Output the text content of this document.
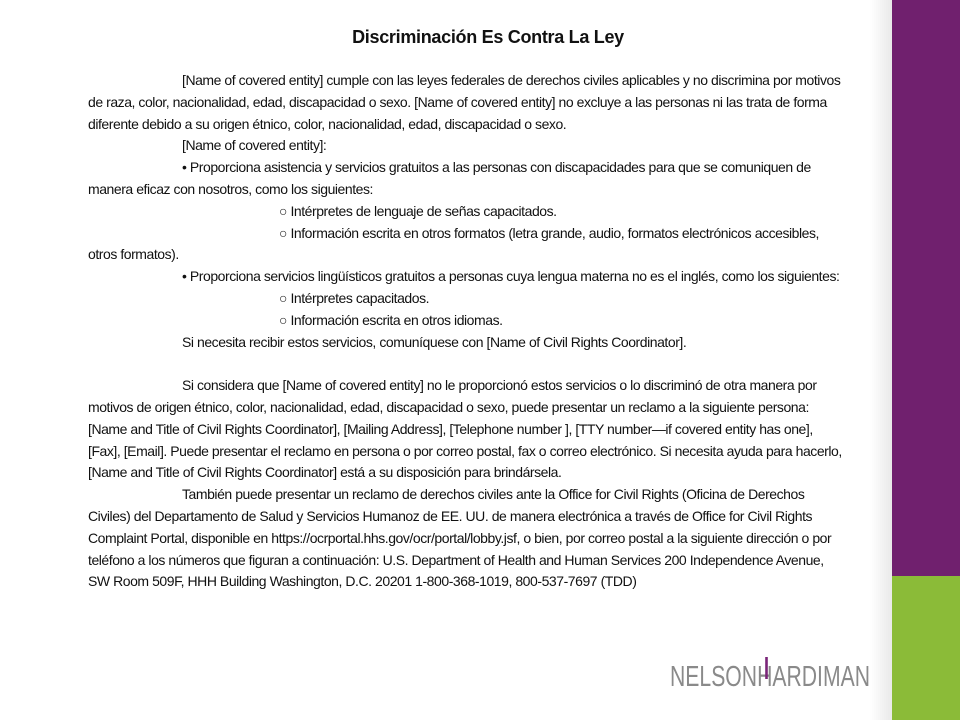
Discriminación Es Contra La Ley

[Name of covered entity] cumple con las leyes federales de derechos civiles aplicables y no discrimina por motivos de raza, color, nacionalidad, edad, discapacidad o sexo. [Name of covered entity] no excluye a las personas ni las trata de forma diferente debido a su origen étnico, color, nacionalidad, edad, discapacidad o sexo.

[Name of covered entity]:

• Proporciona asistencia y servicios gratuitos a las personas con discapacidades para que se comuniquen de manera eficaz con nosotros, como los siguientes:

○ Intérpretes de lenguaje de señas capacitados.

○ Información escrita en otros formatos (letra grande, audio, formatos electrónicos accesibles, otros formatos).

• Proporciona servicios lingüísticos gratuitos a personas cuya lengua materna no es el inglés, como los siguientes:

○ Intérpretes capacitados.

○ Información escrita en otros idiomas.

Si necesita recibir estos servicios, comuníquese con [Name of Civil Rights Coordinator].

Si considera que [Name of covered entity] no le proporcionó estos servicios o lo discriminó de otra manera por motivos de origen étnico, color, nacionalidad, edad, discapacidad o sexo, puede presentar un reclamo a la siguiente persona: [Name and Title of Civil Rights Coordinator], [Mailing Address], [Telephone number ], [TTY number—if covered entity has one], [Fax], [Email]. Puede presentar el reclamo en persona o por correo postal, fax o correo electrónico. Si necesita ayuda para hacerlo, [Name and Title of Civil Rights Coordinator] está a su disposición para brindársela.

También puede presentar un reclamo de derechos civiles ante la Office for Civil Rights (Oficina de Derechos Civiles) del Departamento de Salud y Servicios Humanoz de EE. UU. de manera electrónica a través de Office for Civil Rights Complaint Portal, disponible en https://ocrportal.hhs.gov/ocr/portal/lobby.jsf, o bien, por correo postal a la siguiente dirección o por teléfono a los números que figuran a continuación: U.S. Department of Health and Human Services 200 Independence Avenue, SW Room 509F, HHH Building Washington, D.C. 20201 1-800-368-1019, 800-537-7697 (TDD)

NELSONHARDIMAN
